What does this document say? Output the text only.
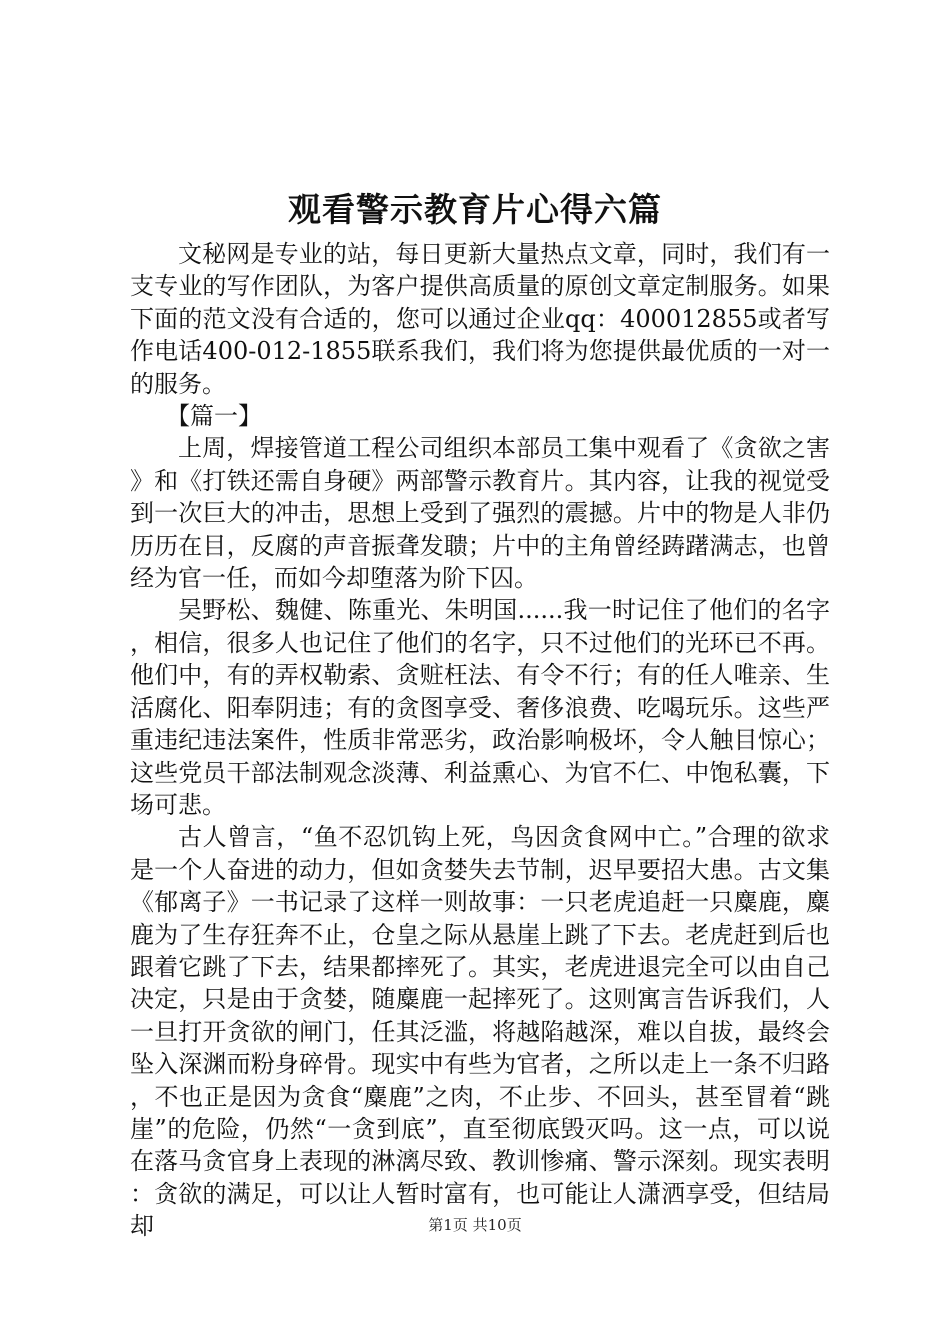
观看警示教育片心得六篇

文秘网是专业的站，每日更新大量热点文章，同时，我们有一支专业的写作团队，为客户提供高质量的原创文章定制服务。如果下面的范文没有合适的，您可以通过企业qq：400012855或者写作电话400-012-1855联系我们，我们将为您提供最优质的一对一的服务。

【篇一】

上周，焊接管道工程公司组织本部员工集中观看了《贪欲之害》和《打铁还需自身硬》两部警示教育片。其内容，让我的视觉受到一次巨大的冲击，思想上受到了强烈的震撼。片中的物是人非仍历历在目，反腐的声音振聋发聩；片中的主角曾经踌躇满志，也曾经为官一任，而如今却堕落为阶下囚。

吴野松、魏健、陈重光、朱明国......我一时记住了他们的名字，相信，很多人也记住了他们的名字，只不过他们的光环已不再。他们中，有的弄权勒索、贪赃枉法、有令不行；有的任人唯亲、生活腐化、阳奉阴违；有的贪图享受、奢侈浪费、吃喝玩乐。这些严重违纪违法案件，性质非常恶劣，政治影响极坏，令人触目惊心；这些党员干部法制观念淡薄、利益熏心、为官不仁、中饱私囊，下场可悲。

古人曾言，“鱼不忍饥钩上死，鸟因贪食网中亡。”合理的欲求是一个人奋进的动力，但如贪婪失去节制，迟早要招大患。古文集《郁离子》一书记录了这样一则故事：一只老虎追赶一只麋鹿，麋鹿为了生存狂奔不止，仓皇之际从悬崖上跳了下去。老虎赶到后也跟着它跳了下去，结果都摔死了。其实，老虎进退完全可以由自己决定，只是由于贪婪，随麋鹿一起摔死了。这则寓言告诉我们，人一旦打开贪欲的闸门，任其泛滥，将越陷越深，难以自拔，最终会坠入深渊而粉身碎骨。现实中有些为官者，之所以走上一条不归路，不也正是因为贪食“麋鹿”之肉，不止步、不回头，甚至冒着“跳崖”的危险，仍然“一贪到底”，直至彻底毁灭吗。这一点，可以说在落马贪官身上表现的淋漓尽致、教训惨痛、警示深刻。现实表明：贪欲的满足，可以让人暂时富有，也可能让人潇洒享受，但结局却	第1页 共10页
